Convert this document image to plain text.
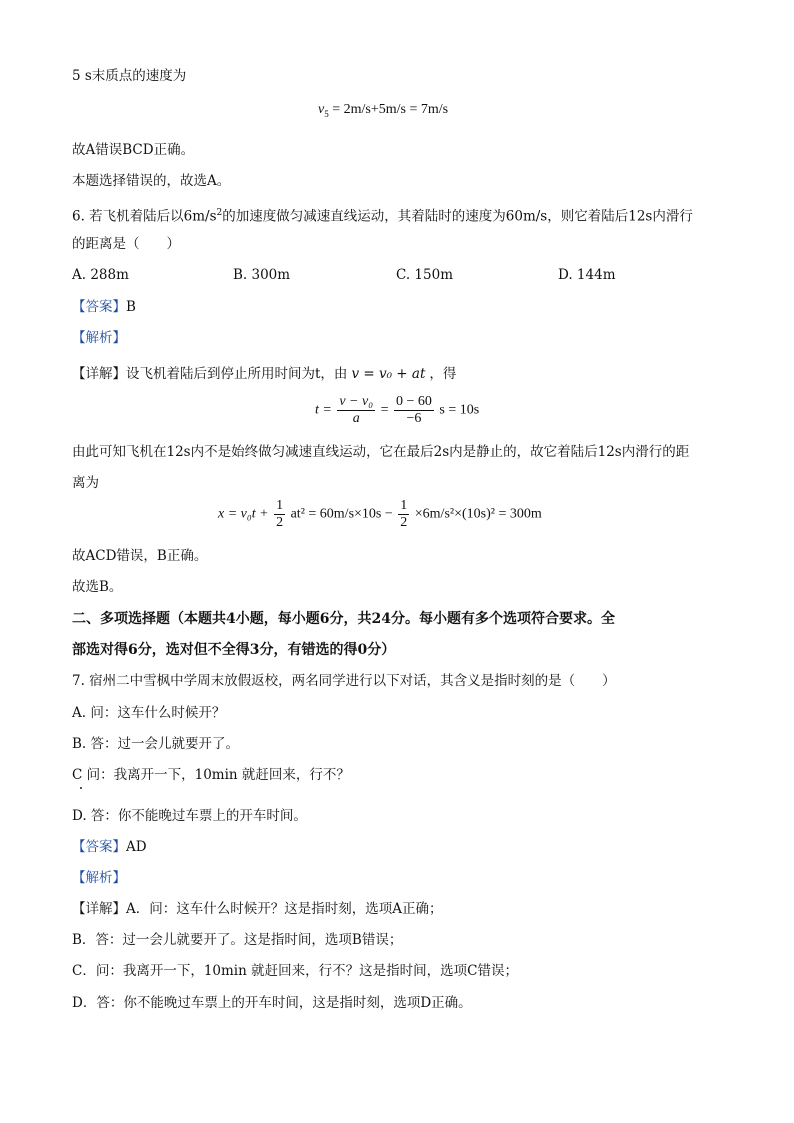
5 s末质点的速度为
$v_5 = 2m/s+5m/s = 7m/s$
故A错误BCD正确。
本题选择错误的，故选A。
6. 若飞机着陆后以$6m/s^2$的加速度做匀减速直线运动，其着陆时的速度为60m/s，则它着陆后12s内滑行
的距离是（　　）
A. 288m	B. 300m	C. 150m	D. 144m
【答案】B
【解析】
【详解】设飞机着陆后到停止所用时间为t，由 v = v₀ + at ，得
$t = \frac{\text{v − v₀}}{a} = \frac{0 - 60}{-6}$ s = 10s
由此可知飞机在12s内不是始终做匀减速直线运动，它在最后2s内是静止的，故它着陆后12s内滑行的距
离为
$x = v_0t + \frac{1}{2} at^2 = 60m/s\times 10s - \frac{1}{2} \times 6m/s^2\times(10s)^2 = 300m$
故ACD错误，B正确。
故选B。
二、多项选择题（本题共4小题，每小题6分，共24分。每小题有多个选项符合要求。全
部选对得6分，选对但不全得3分，有错选的得0分）
7. 宿州二中雪枫中学周末放假返校，两名同学进行以下对话，其含义是指时刻的是（　　）
A. 问：这车什么时候开？
B. 答：过一会儿就要开了。
C 问：我离开一下，10min 就赶回来，行不？
D. 答：你不能晚过车票上的开车时间。
【答案】AD
【解析】
【详解】A．问：这车什么时候开？这是指时刻，选项A正确；
B．答：过一会儿就要开了。这是指时间，选项B错误；
C．问：我离开一下，10min 就赶回来，行不？这是指时间，选项C错误；
D．答：你不能晚过车票上的开车时间，这是指时刻，选项D正确。
